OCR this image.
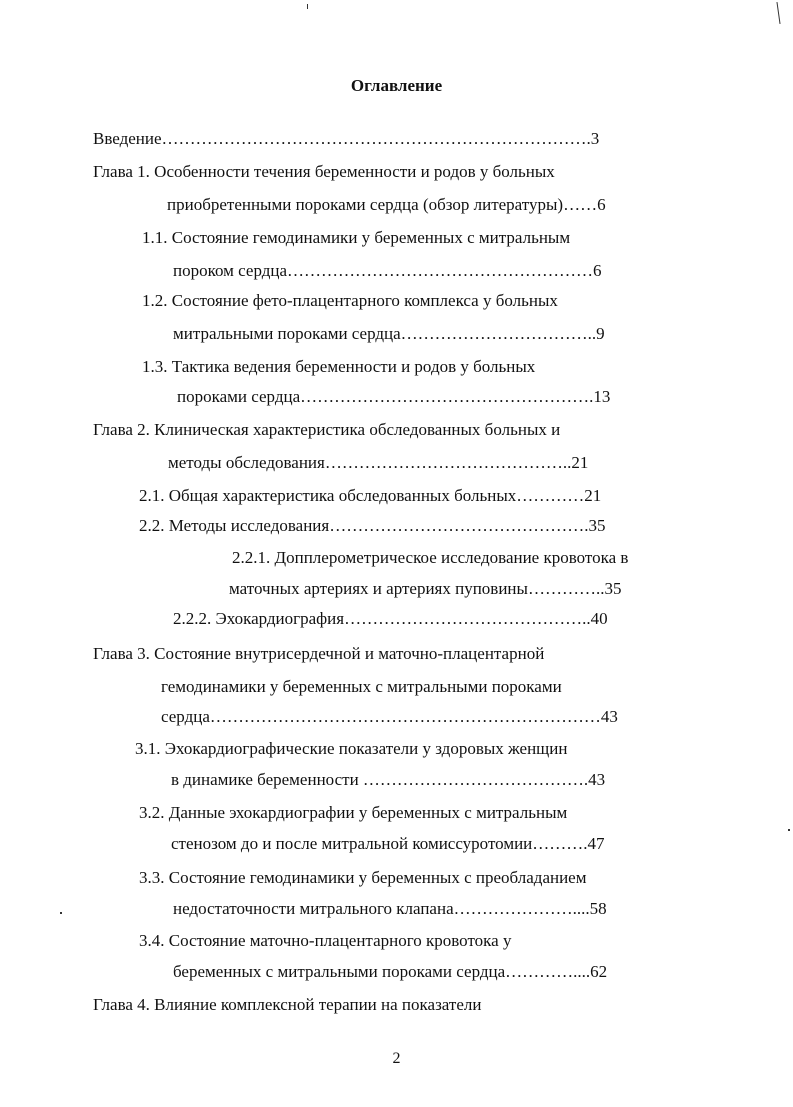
Оглавление

Введение………………………………………………………………….3

Глава 1. Особенности течения беременности и родов у больных

приобретенными пороками сердца (обзор литературы)……6

1.1. Состояние гемодинамики у беременных с митральным

пороком сердца………………………………………………6

1.2. Состояние фето-плацентарного комплекса у больных

митральными пороками сердца……………………………..9

1.3. Тактика ведения беременности и родов у больных

пороками сердца…………………………………………….13

Глава 2. Клиническая характеристика обследованных больных и

методы обследования……………………………………..21

2.1. Общая характеристика обследованных больных…………21

2.2. Методы исследования……………………………………….35

2.2.1. Допплерометрическое исследование кровотока в

маточных артериях и артериях пуповины…………..35

2.2.2. Эхокардиография……………………………………..40

Глава 3. Состояние внутрисердечной и маточно-плацентарной

гемодинамики у беременных с митральными пороками

сердца……………………………………………………………43

3.1. Эхокардиографические показатели у здоровых женщин

в динамике беременности ………………………………….43

3.2. Данные эхокардиографии у беременных с митральным

стенозом до и после митральной комиссуротомии……….47

3.3. Состояние гемодинамики у беременных с преобладанием

недостаточности митрального клапана…………………....58

3.4. Состояние маточно-плацентарного кровотока у

беременных с митральными пороками сердца…………....62

Глава 4. Влияние комплексной терапии на показатели

2
